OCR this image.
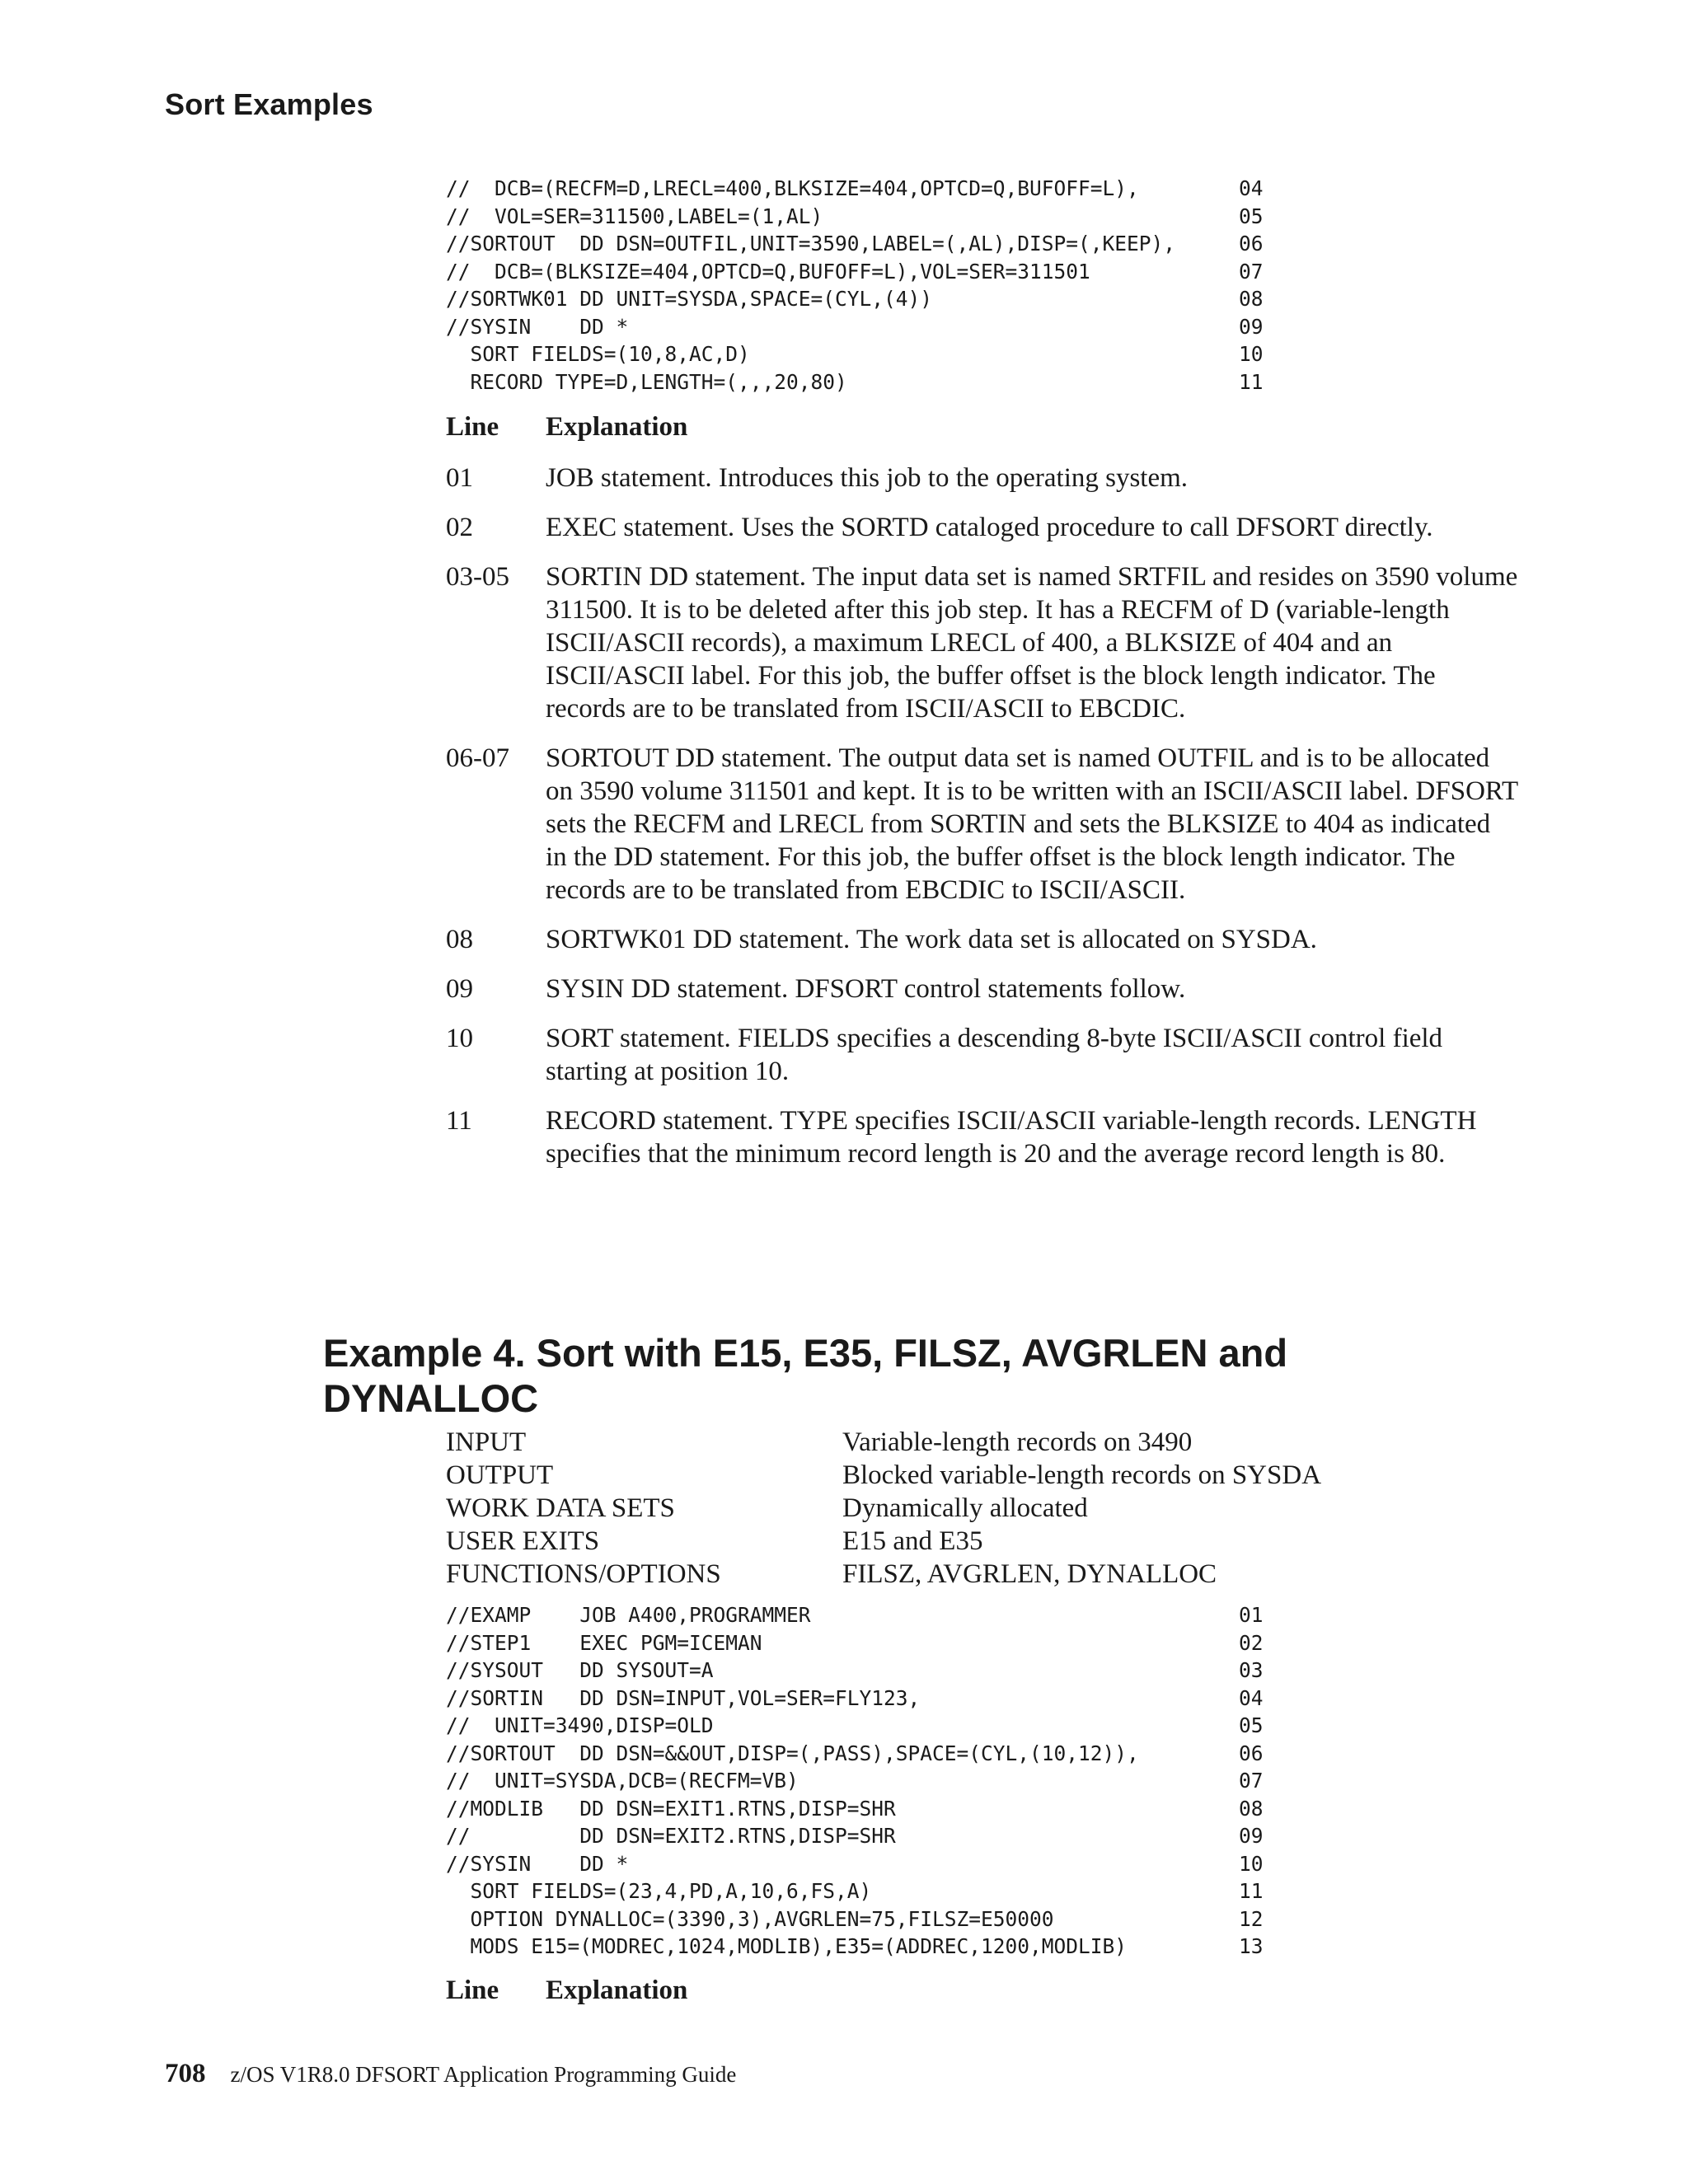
Sort Examples
//  DCB=(RECFM=D,LRECL=400,BLKSIZE=404,OPTCD=Q,BUFOFF=L),	04
//  VOL=SER=311500,LABEL=(1,AL)	05
//SORTOUT  DD DSN=OUTFIL,UNIT=3590,LABEL=(,AL),DISP=(,KEEP),	06
//  DCB=(BLKSIZE=404,OPTCD=Q,BUFOFF=L),VOL=SER=311501	07
//SORTWK01 DD UNIT=SYSDA,SPACE=(CYL,(4))	08
//SYSIN    DD *	09
SORT FIELDS=(10,8,AC,D)	10
RECORD TYPE=D,LENGTH=(,,,20,80)	11
Line Explanation
01	JOB statement. Introduces this job to the operating system.
02	EXEC statement. Uses the SORTD cataloged procedure to call DFSORT directly.
03-05 SORTIN DD statement. The input data set is named SRTFIL and resides on 3590 volume 311500. It is to be deleted after this job step. It has a RECFM of D (variable-length ISCII/ASCII records), a maximum LRECL of 400, a BLKSIZE of 404 and an ISCII/ASCII label. For this job, the buffer offset is the block length indicator. The records are to be translated from ISCII/ASCII to EBCDIC.
06-07 SORTOUT DD statement. The output data set is named OUTFIL and is to be allocated on 3590 volume 311501 and kept. It is to be written with an ISCII/ASCII label. DFSORT sets the RECFM and LRECL from SORTIN and sets the BLKSIZE to 404 as indicated in the DD statement. For this job, the buffer offset is the block length indicator. The records are to be translated from EBCDIC to ISCII/ASCII.
08	SORTWK01 DD statement. The work data set is allocated on SYSDA.
09	SYSIN DD statement. DFSORT control statements follow.
10	SORT statement. FIELDS specifies a descending 8-byte ISCII/ASCII control field starting at position 10.
11	RECORD statement. TYPE specifies ISCII/ASCII variable-length records. LENGTH specifies that the minimum record length is 20 and the average record length is 80.
Example 4. Sort with E15, E35, FILSZ, AVGRLEN and DYNALLOC
INPUT	Variable-length records on 3490
OUTPUT	Blocked variable-length records on SYSDA
WORK DATA SETS	Dynamically allocated
USER EXITS	E15 and E35
FUNCTIONS/OPTIONS	FILSZ, AVGRLEN, DYNALLOC
//EXAMP    JOB A400,PROGRAMMER	01
//STEP1    EXEC PGM=ICEMAN	02
//SYSOUT   DD SYSOUT=A	03
//SORTIN   DD DSN=INPUT,VOL=SER=FLY123,	04
//  UNIT=3490,DISP=OLD	05
//SORTOUT  DD DSN=&&OUT,DISP=(,PASS),SPACE=(CYL,(10,12)),	06
//  UNIT=SYSDA,DCB=(RECFM=VB)	07
//MODLIB   DD DSN=EXIT1.RTNS,DISP=SHR	08
//         DD DSN=EXIT2.RTNS,DISP=SHR	09
//SYSIN    DD *	10
SORT FIELDS=(23,4,PD,A,10,6,FS,A)	11
OPTION DYNALLOC=(3390,3),AVGRLEN=75,FILSZ=E50000	12
MODS E15=(MODREC,1024,MODLIB),E35=(ADDREC,1200,MODLIB)	13
Line Explanation
708 z/OS V1R8.0 DFSORT Application Programming Guide
